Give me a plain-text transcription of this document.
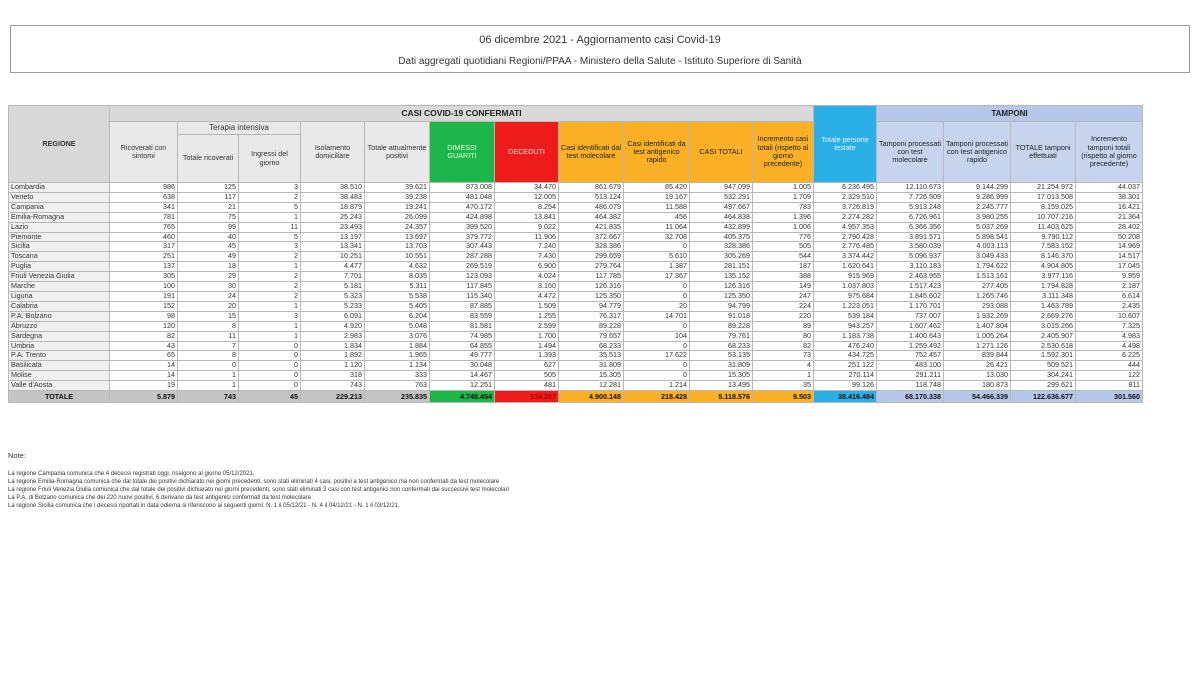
06 dicembre 2021 - Aggiornamento casi Covid-19
Dati aggregati quotidiani Regioni/PPAA - Ministero della Salute - Istituto Superiore di Sanità
REGIONE	CASI COVID-19 CONFERMATI											Totale persone testate	TAMPONI			
	Ricoverati con sintomi	Terapia intensiva		Isolamento domiciliare	Totale attualmente positivi	DIMESSI GUARITI	DECEDUTI	Casi identificati dal test molecolare	Casi identificati da test antigenico rapido	CASI TOTALI	Incremento casi totali (rispetto al giorno precedente)		Tamponi processati con test molecolare	Tamponi processati con test antigenico rapido	TOTALE tamponi effettuati	Incremento tamponi totali (rispetto al giorno precedente)
		Totale ricoverati	Ingressi del giorno													
Lombardia	986	125	3	38.510	39.621	873.008	34.470	861.679	85.420	947.099	1.005	6.236.495	12.110.673	9.144.299	21.254.972	44.037
Veneto	638	117	2	38.483	39.238	481.048	12.005	513.124	19.167	532.291	1.709	2.329.510	7.726.509	9.286.999	17.013.508	38.301
Campania	341	21	5	18.879	19.241	470.172	8.254	486.079	11.588	497.667	783	3.726.819	5.913.248	2.245.777	8.159.025	16.421
Emilia-Romagna	781	75	1	25.243	26.099	424.898	13.841	464.382	456	464.838	1.396	2.274.282	6.726.961	3.980.255	10.707.216	21.364
Lazio	765	99	11	23.493	24.357	399.520	9.022	421.835	11.064	432.899	1.006	4.957.353	6.366.356	5.037.269	11.403.625	28.402
Piemonte	460	40	5	13.197	13.697	379.772	11.906	372.667	32.708	405.375	776	2.790.428	3.891.571	5.898.541	9.790.112	50.208
Sicilia	317	45	3	13.341	13.703	307.443	7.240	328.386	0	328.386	505	2.776.485	3.580.039	4.003.113	7.583.152	14.969
Toscana	251	49	2	10.251	10.551	287.288	7.430	299.659	5.610	305.269	544	3.374.442	5.096.937	3.049.433	8.146.370	14.517
Puglia	137	18	1	4.477	4.632	269.519	6.900	279.764	1.387	281.151	187	1.620.641	3.110.183	1.794.622	4.904.805	17.045
Friuli Venezia Giulia	305	29	2	7.701	8.035	123.093	4.024	117.785	17.367	135.152	388	915.969	2.463.955	1.513.161	3.977.116	9.959
Marche	100	30	2	5.181	5.311	117.845	3.160	126.316	0	126.316	149	1.037.803	1.517.423	277.405	1.794.828	2.187
Liguria	191	24	2	5.323	5.538	115.340	4.472	125.350	0	125.350	247	975.684	1.845.602	1.265.746	3.111.348	6.614
Calabria	152	20	1	5.233	5.405	87.885	1.509	94.779	20	94.799	224	1.223.051	1.170.701	293.088	1.463.789	2.435
P.A. Bolzano	98	15	3	6.091	6.204	83.559	1.255	76.317	14.701	91.018	220	539.184	737.007	1.932.269	2.669.276	10.607
Abruzzo	120	8	1	4.920	5.048	81.581	2.599	89.228	0	89.228	89	943.257	1.607.462	1.407.804	3.015.266	7.325
Sardegna	82	11	1	2.983	3.076	74.985	1.700	79.657	104	79.761	80	1.183.738	1.400.643	1.005.264	2.405.907	4.983
Umbria	43	7	0	1.834	1.884	64.855	1.494	68.233	0	68.233	82	476.240	1.259.492	1.271.126	2.530.618	4.498
P.A. Trento	65	8	0	1.892	1.965	49.777	1.393	35.513	17.622	53.135	73	434.725	752.457	839.844	1.592.301	6.225
Basilicata	14	0	0	1.120	1.134	30.048	627	31.809	0	31.809	4	251.122	483.100	26.421	509.521	444
Molise	14	1	0	318	333	14.467	505	15.305	0	15.305	1	270.114	291.211	13.030	304.241	122
Valle d'Aosta	19	1	0	743	763	12.251	481	12.281	1.214	13.495	35	99.126	118.748	180.873	299.621	811
TOTALE	5.879	743	45	229.213	235.835	4.748.454	134.287	4.900.148	218.428	5.118.576	9.503	38.416.484	68.170.338	54.466.339	122.636.677	301.560
Note:
La regione Campania comunica che 4 decessi registrati oggi, risalgono al giorno 05/12/2021.
La regione Emilia-Romagna comunica che dal totale dei positivi dichiarato nei giorni precedenti, sono stati eliminati 4 casi, positivi a test antigenico ma non confermati da test molecolare
La regione Friuli Venezia Giulia comunica che dal totale dei positivi dichiarato nei giorni precedenti, sono stati eliminati 3 casi con test antigenici non confermati dai successivi test molecolari
La P.A. di Bolzano comunica che dei 220 nuovi positivi, 6 derivano da test antigenici confermati da test molecolare
La regione Sicilia comunica che i decessi riportati in data odierna si riferiscono ai seguenti giorni: N. 1 il 05/12/21 - N. 4 il 04/12/21 - N. 1 il 03/12/21.
